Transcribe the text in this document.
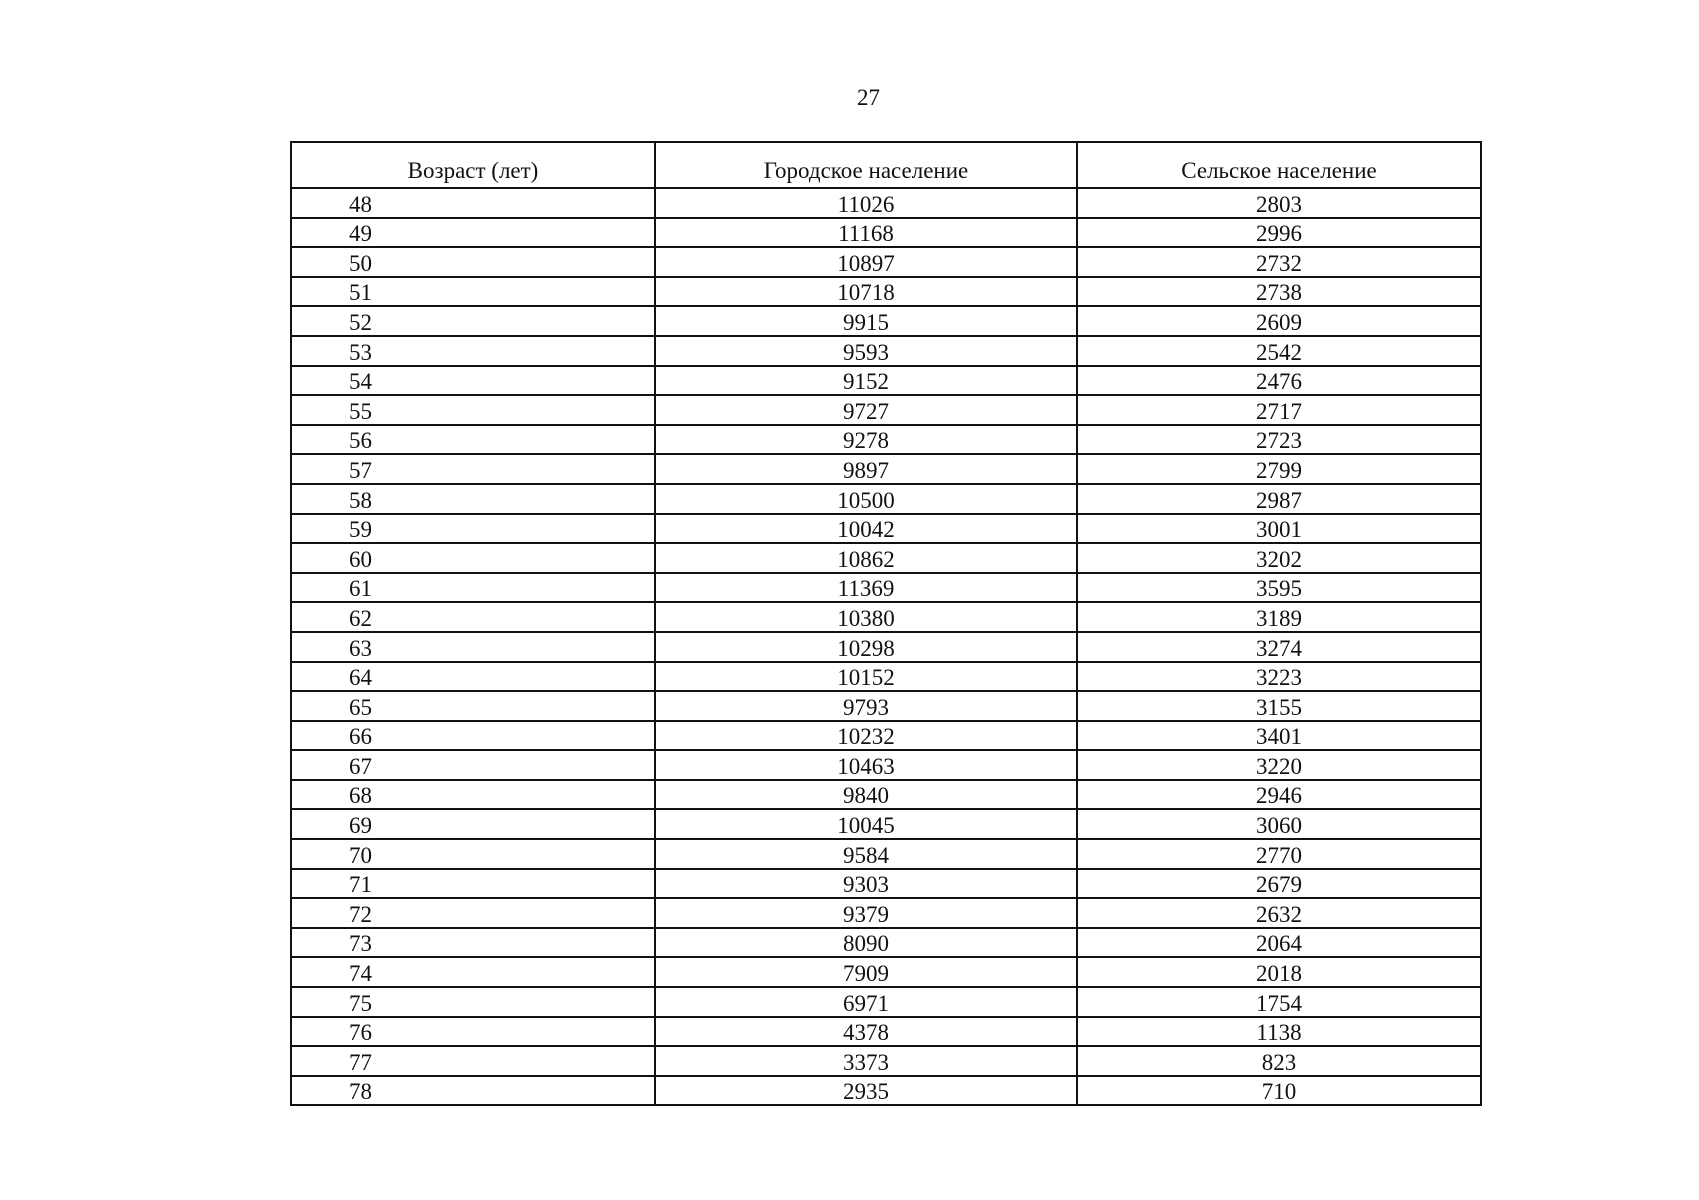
27
Возраст (лет)	Городское население	Сельское население
48	11026	2803
49	11168	2996
50	10897	2732
51	10718	2738
52	9915	2609
53	9593	2542
54	9152	2476
55	9727	2717
56	9278	2723
57	9897	2799
58	10500	2987
59	10042	3001
60	10862	3202
61	11369	3595
62	10380	3189
63	10298	3274
64	10152	3223
65	9793	3155
66	10232	3401
67	10463	3220
68	9840	2946
69	10045	3060
70	9584	2770
71	9303	2679
72	9379	2632
73	8090	2064
74	7909	2018
75	6971	1754
76	4378	1138
77	3373	823
78	2935	710
